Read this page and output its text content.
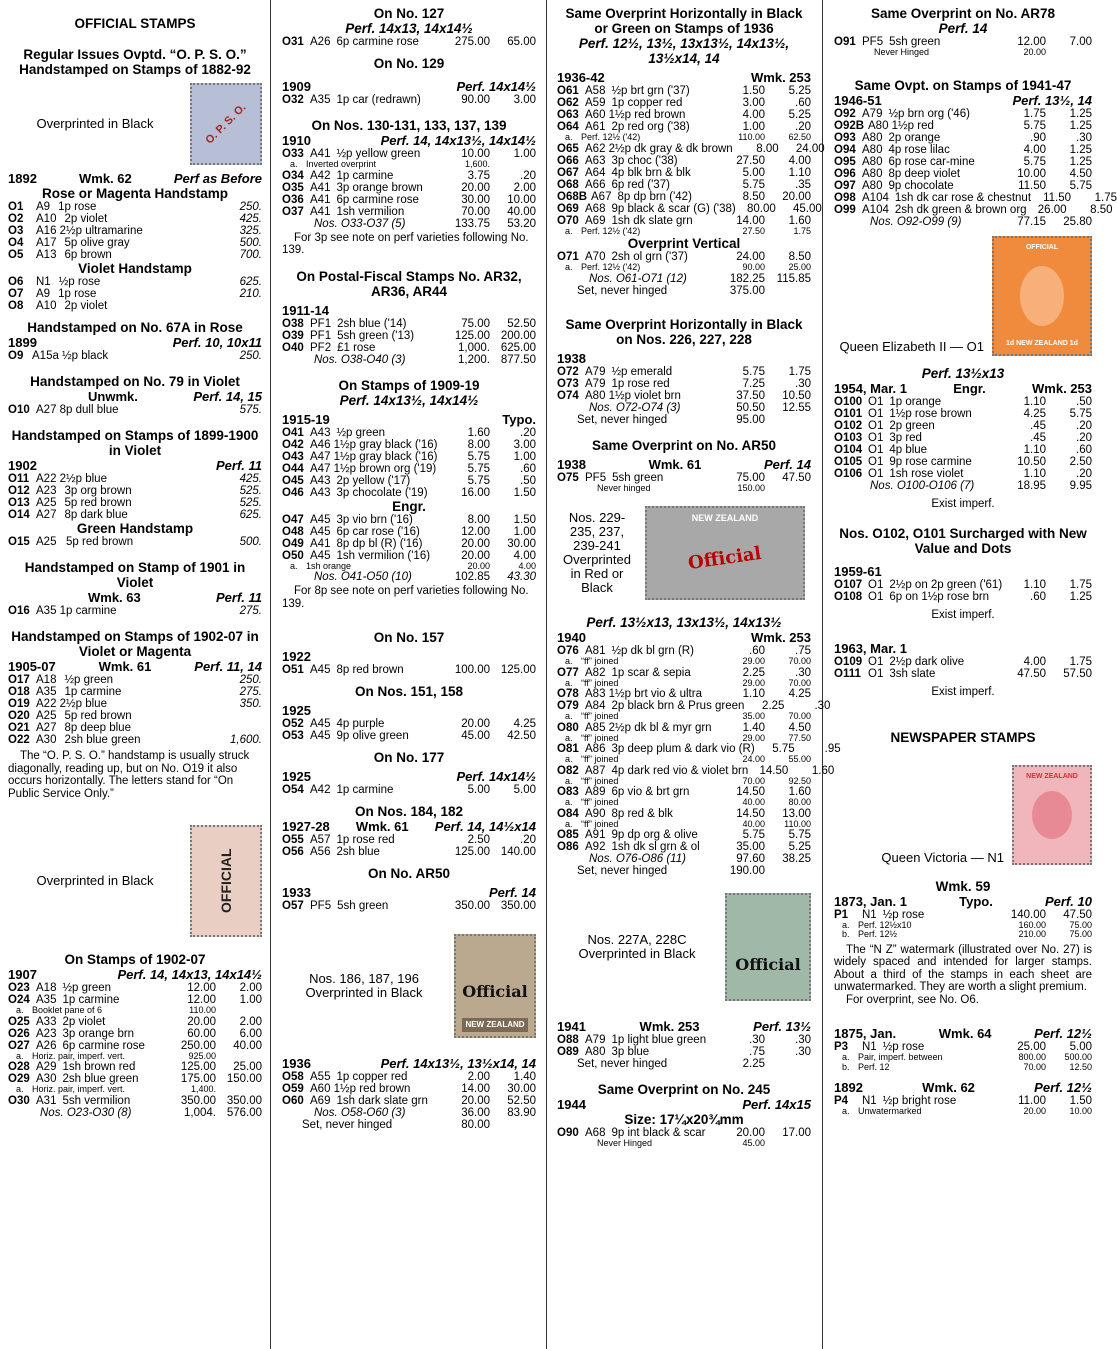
OFFICIAL STAMPS
Regular Issues Ovptd. “O. P. S. O.” Handstamped on Stamps of 1882-92
Overprinted in Black	O. P. S. O.
1892	Wmk. 62	Perf as Before
Rose or Magenta Handstamp
O1	A9 1p rose	250.
O2	A10 2p violet	425.
O3	A16 2½p ultramarine	325.
O4	A17 5p olive gray	500.
O5	A13 6p brown	700.
Violet Handstamp
O6	N1 ½p rose	625.
O7	A9 1p rose	210.
O8	A10 2p violet
Handstamped on No. 67A in Rose
1899	Perf. 10, 10x11
O9 A15a ½p black	250.
Handstamped on No. 79 in Violet
Unwmk.	Perf. 14, 15
O10 A27 8p dull blue	575.
Handstamped on Stamps of 1899-1900 in Violet
1902	Perf. 11
O11 A22 2½p blue	425.
O12 A23 3p org brown	525.
O13 A25 5p red brown	525.
O14 A27 8p dark blue	625.
Green Handstamp
O15 A25 5p red brown	500.
Handstamped on Stamp of 1901 in Violet
Wmk. 63	Perf. 11
O16 A35 1p carmine	275.
Handstamped on Stamps of 1902-07 in Violet or Magenta
1905-07	Wmk. 61	Perf. 11, 14
O17 A18 ½p green	250.
O18 A35 1p carmine	275.
O19 A22 2½p blue	350.
O20 A25 5p red brown
O21 A27 8p deep blue
O22 A30 2sh blue green	1,600.
The “O. P. S. O.” handstamp is usually struck diagonally, reading up, but on No. O19 it also occurs horizontally. The letters stand for “On Public Service Only.”
Overprinted in Black	OFFICIAL
On Stamps of 1902-07
1907	Perf. 14, 14x13, 14x14½
O23 A18 ½p green	12.00	2.00
O24 A35 1p carmine	12.00	1.00
a. Booklet pane of 6	110.00
O25 A33 2p violet	20.00	2.00
O26 A23 3p orange brn	60.00	6.00
O27 A26 6p carmine rose	250.00	40.00
a. Horiz. pair, imperf. vert.	925.00
O28 A29 1sh brown red	125.00	25.00
O29 A30 2sh blue green	175.00 150.00
a. Horiz. pair, imperf. vert.	1,400.
O30 A31 5sh vermilion	350.00 350.00
Nos. O23-O30 (8)	1,004. 576.00
On No. 127
Perf. 14x13, 14x14½
O31 A26 6p carmine rose	275.00	65.00
On No. 129
1909	Perf. 14x14½
O32 A35 1p car (redrawn)	90.00	3.00
On Nos. 130-131, 133, 137, 139
1910	Perf. 14, 14x13½, 14x14½
O33 A41 ½p yellow green	10.00	1.00
a. Inverted overprint	1,600.
O34 A42 1p carmine	3.75	.20
O35 A41 3p orange brown	20.00	2.00
O36 A41 6p carmine rose	30.00	10.00
O37 A41 1sh vermilion	70.00	40.00
Nos. O33-O37 (5)	133.75	53.20
For 3p see note on perf varieties following No. 139.
On Postal-Fiscal Stamps No. AR32, AR36, AR44
1911-14
O38 PF1 2sh blue ('14)	75.00	52.50
O39 PF1 5sh green ('13)	125.00 200.00
O40 PF2 £1 rose	1,000. 625.00
Nos. O38-O40 (3)	1,200. 877.50
On Stamps of 1909-19
Perf. 14x13½, 14x14½
1915-19	Typo.
O41 A43 ½p green	1.60	.20
O42 A46 1½p gray black ('16)	8.00	3.00
O43 A47 1½p gray black ('16)	5.75	1.00
O44 A47 1½p brown org ('19)	5.75	.60
O45 A43 2p yellow ('17)	5.75	.50
O46 A43 3p chocolate ('19)	16.00	1.50
Engr.
O47 A45 3p vio brn ('16)	8.00	1.50
O48 A45 6p car rose ('16)	12.00	1.00
O49 A41 8p dp bl (R) ('16)	20.00	30.00
O50 A45 1sh vermilion ('16)	20.00	4.00
a. 1sh orange	20.00	4.00
Nos. O41-O50 (10)	102.85	43.30
For 8p see note on perf varieties following No. 139.
On No. 157
1922
O51 A45 8p red brown	100.00 125.00
On Nos. 151, 158
1925
O52 A45 4p purple	20.00	4.25
O53 A45 9p olive green	45.00	42.50
On No. 177
1925	Perf. 14x14½
O54 A42 1p carmine	5.00	5.00
On Nos. 184, 182
1927-28 Wmk. 61 Perf. 14, 14½x14
O55 A57 1p rose red	2.50	.20
O56 A56 2sh blue	125.00 140.00
On No. AR50
1933	Perf. 14
O57 PF5 5sh green	350.00 350.00
Nos. 186, 187, 196 Overprinted in Black	Official
NEW ZEALAND
1936	Perf. 14x13½, 13½x14, 14
O58 A55 1p copper red	2.00	1.40
O59 A60 1½p red brown	14.00	30.00
O60 A69 1sh dark slate grn	20.00	52.50
Nos. O58-O60 (3)	36.00	83.90
Set, never hinged	80.00
Same Overprint Horizontally in Black or Green on Stamps of 1936
Perf. 12½, 13½, 13x13½, 14x13½, 13½x14, 14
1936-42	Wmk. 253
O61 A58 ½p brt grn ('37)	1.50	5.25
O62 A59 1p copper red	3.00	.60
O63 A60 1½p red brown	4.00	5.25
O64 A61 2p red org ('38)	1.00	.20
a. Perf. 12½ ('42)	110.00	62.50
O65 A62 2½p dk gray & dk brown	8.00	24.00
O66 A63 3p choc ('38)	27.50	4.00
O67 A64 4p blk brn & blk	5.00	1.10
O68 A66 6p red ('37)	5.75	.35
O68B A67 8p dp brn ('42)	8.50	20.00
O69 A68 9p black & scar (G) ('38) 80.00	45.00
O70 A69 1sh dk slate grn	14.00	1.60
a. Perf. 12½ ('42)	27.50	1.75
Overprint Vertical
O71 A70 2sh ol grn ('37)	24.00	8.50
a. Perf. 12½ ('42)	90.00	25.00
Nos. O61-O71 (12)	182.25	115.85
Set, never hinged	375.00
Same Overprint Horizontally in Black on Nos. 226, 227, 228
1938
O72 A79 ½p emerald	5.75	1.75
O73 A79 1p rose red	7.25	.30
O74 A80 1½p violet brn	37.50	10.50
Nos. O72-O74 (3)	50.50	12.55
Set, never hinged	95.00
Same Overprint on No. AR50
1938	Wmk. 61	Perf. 14
O75 PF5 5sh green	75.00	47.50
Never hinged	150.00
Nos. 229-235, 237, 239-241 Overprinted in Red or Black
NEW ZEALAND
Official
Perf. 13½x13, 13x13½, 14x13½
1940	Wmk. 253
O76 A81 ½p dk bl grn (R)	.60	.75
a. “ff” joined	29.00	70.00
O77 A82 1p scar & sepia	2.25	.30
a. “ff” joined	29.00	70.00
O78 A83 1½p brt vio & ultra	1.10	4.25
O79 A84 2p black brn & Prus green	2.25	.30
a. “ff” joined	35.00	70.00
O80 A85 2½p dk bl & myr grn	1.40	4.50
a. “ff” joined	29.00	77.50
O81 A86 3p deep plum & dark vio (R)	5.75	.95
a. “ff” joined	24.00	55.00
O82 A87 4p dark red vio & violet brn 14.50	1.60
a. “ff” joined	70.00	92.50
O83 A89 6p vio & brt grn	14.50	1.60
a. “ff” joined	40.00	80.00
O84 A90 8p red & blk	14.50	13.00
a. “ff” joined	40.00	110.00
O85 A91 9p dp org & olive	5.75	5.75
O86 A92 1sh dk sl grn & ol	35.00	5.25
Nos. O76-O86 (11)	97.60	38.25
Set, never hinged	190.00
Nos. 227A, 228C Overprinted in Black
Official
1941	Wmk. 253	Perf. 13½
O88 A79 1p light blue green	.30	.30
O89 A80 3p blue	.75	.30
Set, never hinged	2.25
Same Overprint on No. 245
1944	Perf. 14x15
Size: 17¼x20¾mm
O90 A68 9p int black & scar	20.00	17.00
Never Hinged	45.00
Same Overprint on No. AR78
Perf. 14
O91 PF5 5sh green	12.00	7.00
Never Hinged	20.00
Same Ovpt. on Stamps of 1941-47
1946-51	Perf. 13½, 14
O92 A79 ½p brn org ('46)	1.75	1.25
O92B A80 1½p red	5.75	1.25
O93 A80 2p orange	.90	.30
O94 A80 4p rose lilac	4.00	1.25
O95 A80 6p rose car-mine	5.75	1.25
O96 A80 8p deep violet	10.00	4.50
O97 A80 9p chocolate	11.50	5.75
O98 A104 1sh dk car rose & chestnut	11.50	1.75
O99 A104 2sh dk green & brown org 26.00	8.50
Nos. O92-O99 (9)	77.15	25.80
Queen Elizabeth II — O1
OFFICIAL
1d NEW ZEALAND 1d
Perf. 13½x13
1954, Mar. 1	Engr.	Wmk. 253
O100 O1 1p orange	1.10	.50
O101 O1 1½p rose brown	4.25	5.75
O102 O1 2p green	.45	.20
O103 O1 3p red	.45	.20
O104 O1 4p blue	1.10	.60
O105 O1 9p rose carmine	10.50	2.50
O106 O1 1sh rose violet	1.10	.20
Nos. O100-O106 (7)	18.95	9.95
Exist imperf.
Nos. O102, O101 Surcharged with New Value and Dots
1959-61
O107 O1 2½p on 2p green ('61)	1.10	1.75
O108 O1 6p on 1½p rose brn	.60	1.25
Exist imperf.
1963, Mar. 1
O109 O1 2½p dark olive	4.00	1.75
O111 O1 3sh slate	47.50	57.50
Exist imperf.
NEWSPAPER STAMPS
Queen Victoria — N1
NEW ZEALAND
Wmk. 59
1873, Jan. 1	Typo.	Perf. 10
P1	N1 ½p rose	140.00	47.50
a. Perf. 12½x10	160.00	75.00
b. Perf. 12½	210.00	75.00
The “N Z” watermark (illustrated over No. 27) is widely spaced and intended for larger stamps. About a third of the stamps in each sheet are unwatermarked. They are worth a slight premium.
For overprint, see No. O6.
1875, Jan.	Wmk. 64	Perf. 12½
P3	N1 ½p rose	25.00	5.00
a. Pair, imperf. between	800.00	500.00
b. Perf. 12	70.00	12.50
1892	Wmk. 62	Perf. 12½
P4	N1 ½p bright rose	11.00	1.50
a. Unwatermarked	20.00	10.00
